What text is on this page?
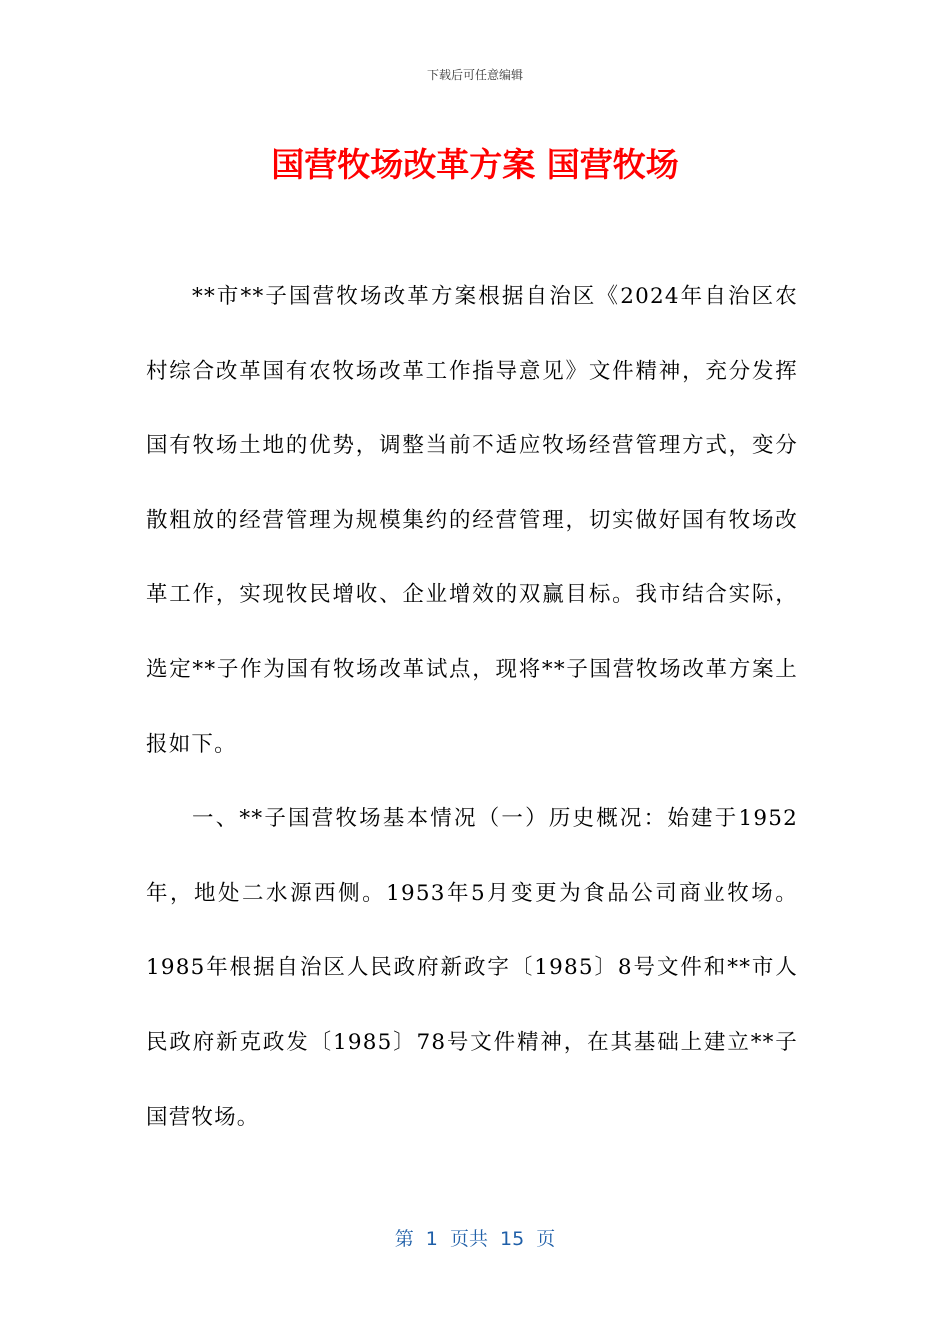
下载后可任意编辑
国营牧场改革方案 国营牧场

**市**子国营牧场改革方案根据自治区《2024年自治区农村综合改革国有农牧场改革工作指导意见》文件精神，充分发挥国有牧场土地的优势，调整当前不适应牧场经营管理方式，变分散粗放的经营管理为规模集约的经营管理，切实做好国有牧场改革工作，实现牧民增收、企业增效的双赢目标。我市结合实际，选定**子作为国有牧场改革试点，现将**子国营牧场改革方案上报如下。

一、**子国营牧场基本情况（一）历史概况：始建于1952年，地处二水源西侧。1953年5月变更为食品公司商业牧场。1985年根据自治区人民政府新政字〔1985〕8号文件和**市人民政府新克政发〔1985〕78号文件精神，在其基础上建立**子国营牧场。

第  1  页共  15  页
